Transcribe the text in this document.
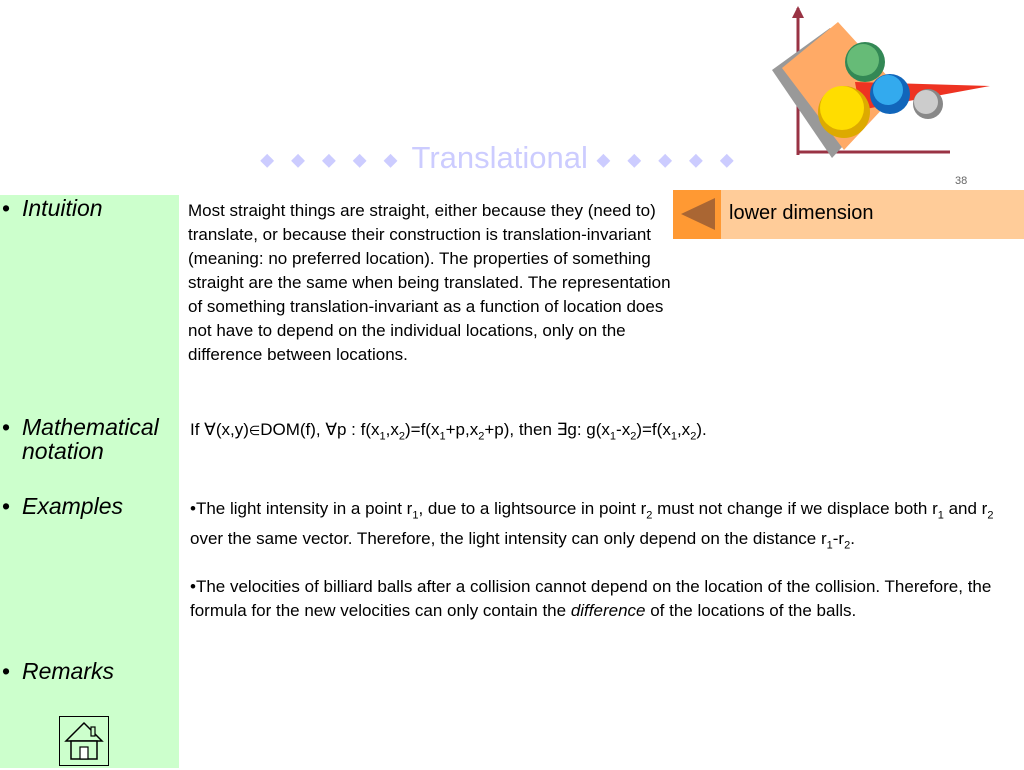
◆ ◆ ◆ ◆ ◆ Translational ◆ ◆ ◆ ◆ ◆
38
lower dimension
• Intuition
• Mathematical notation
• Examples
• Remarks
Most straight things are straight, either because they (need to) translate, or because their construction is translation-invariant (meaning: no preferred location). The properties of something straight are the same when being translated. The representation of something translation-invariant as a function of location does not have to depend on the individual locations, only on the difference between locations.
If ∀(x,y)∈DOM(f), ∀p : $f(x_1,x_2)=f(x_1+p,x_2+p)$, then ∃g: $g(x_1-x_2)=f(x_1,x_2)$.
•The light intensity in a point $r_1$, due to a lightsource in point $r_2$ must not change if we displace both $r_1$ and $r_2$ over the same vector. Therefore, the light intensity can only depend on the distance $r_1-r_2$.
•The velocities of billiard balls after a collision cannot depend on the location of the collision. Therefore, the formula for the new velocities can only contain the difference of the locations of the balls.
